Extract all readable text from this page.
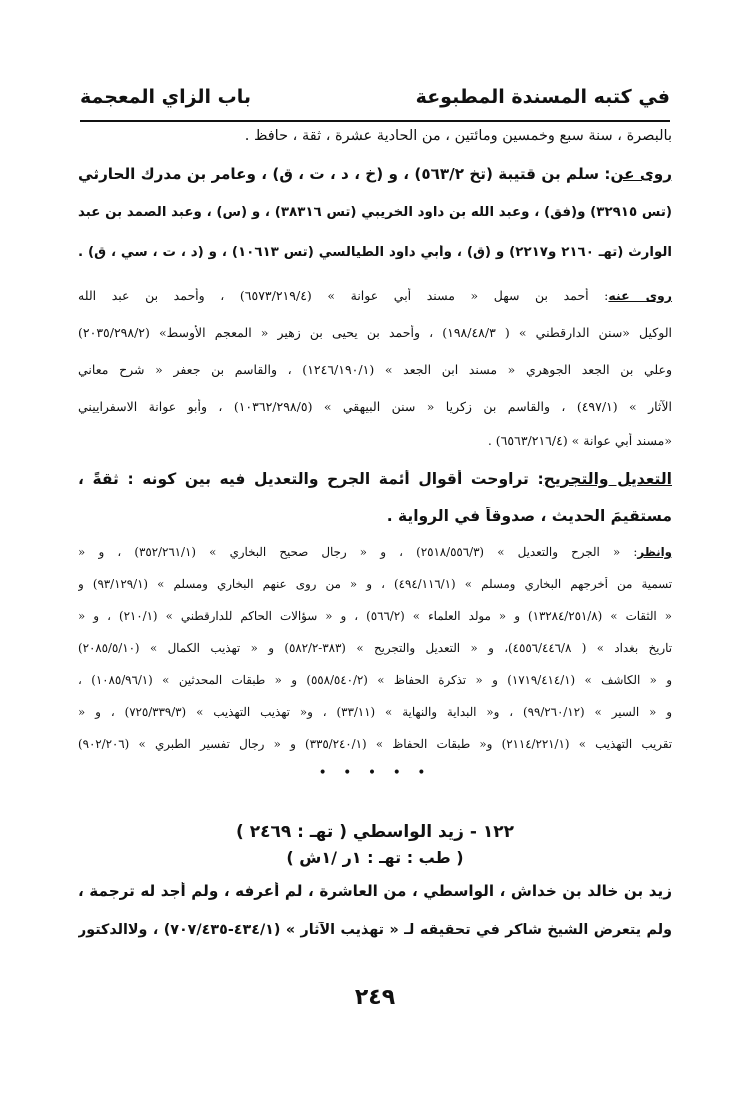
في كتبه المسندة المطبوعة
باب الزاي المعجمة
بالبصرة ، سنة سبع وخمسين ومائتين ، من الحادية عشرة ، ثقة ، حافظ .
روى عن: سلم بن قتيبة (تخ ٥٦٣/٢) ، و (خ ، د ، ت ، ق) ، وعامر بن مدرك الحارثي
(تس ٣٢٩١٥) و(فق) ، وعبد الله بن داود الخريبي (تس ٣٨٣١٦) ، و (س) ، وعبد الصمد بن عبد
الوارث (تهـ ٢١٦٠ و٢٢١٧) و (ق) ، وأبي داود الطيالسي (تس ١٠٦١٣) ، و (د ، ت ، سي ، ق) .
روى عنه: أحمد بن سهل « مسند أبي عوانة » (٦٥٧٣/٢١٩/٤) ، وأحمد بن عبد الله
الوكيل «سنن الدارقطني » ( ١٩٨/٤٨/٣) ، وأحمد بن يحيى بن زهير « المعجم الأوسط» (٢٠٣٥/٢٩٨/٢)
وعلي بن الجعد الجوهري « مسند ابن الجعد » (١٢٤٦/١٩٠/١) ، والقاسم بن جعفر « شرح معاني
الآثار » (٤٩٧/١) ، والقاسم بن زكريا « سنن البيهقي » (١٠٣٦٢/٢٩٨/٥) ، وأبو عوانة الاسفراييني
«مسند أبي عوانة » (٦٥٦٣/٢١٦/٤) .
التعديل والتجريح: تراوحت أقوال أئمة الجرح والتعديل فيه بين كونه : ثقةً ،
مستقيمَ الحديث ، صدوقاً في الرواية .
وانظر: « الجرح والتعديل » (٢٥١٨/٥٥٦/٣) ، و « رجال صحيح البخاري » (٣٥٢/٢٦١/١) ، و «
تسمية من أخرجهم البخاري ومسلم » (٤٩٤/١١٦/١) ، و « من روى عنهم البخاري ومسلم » (٩٣/١٢٩/١) و
« الثقات » (١٣٢٨٤/٢٥١/٨) و « مولد العلماء » (٥٦٦/٢) ، و « سؤالات الحاكم للدارقطني » (٢١٠/١) ، و «
تاريخ بغداد » ( ٤٥٥٦/٤٤٦/٨)، و « التعديل والتجريح » (٣٨٣-٥٨٢/٢) و « تهذيب الكمال » (٢٠٨٥/٥/١٠)
و « الكاشف » (١٧١٩/٤١٤/١) و « تذكرة الحفاظ » (٥٥٨/٥٤٠/٢) و « طبقات المحدثين » (١٠٨٥/٩٦/١) ،
و « السير » (٩٩/٢٦٠/١٢) ، و« البداية والنهاية » (٣٣/١١) ، و« تهذيب التهذيب » (٧٢٥/٣٣٩/٣) ، و «
تقريب التهذيب » (٢١١٤/٢٢١/١) و« طبقات الحفاظ » (٣٣٥/٢٤٠/١) و « رجال تفسير الطبري » (٩٠٢/٢٠٦)
• • • • •
١٢٢ - زيد الواسطي ( تهـ : ٢٤٦٩ )
( طب : تهـ : ١ر /١ش )
زيد بن خالد بن خداش ، الواسطي ، من العاشرة ، لم أعرفه ، ولم أجد له ترجمة ،
ولم يتعرض الشيخ شاكر في تحقيقه لـ « تهذيب الآثار » (٤٣٤/١-٧٠٧/٤٣٥) ، ولاالدكتور
٢٤٩
